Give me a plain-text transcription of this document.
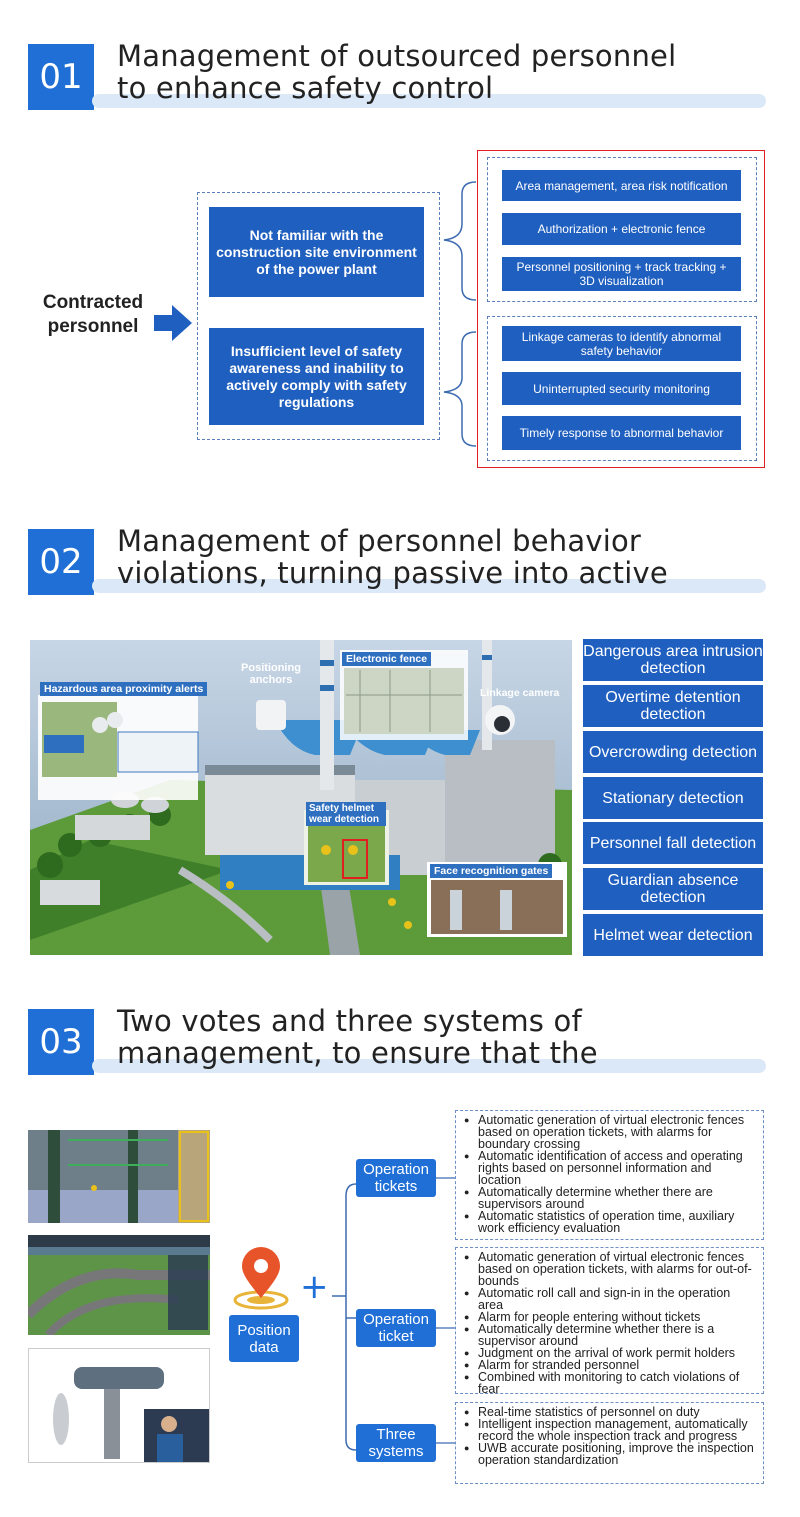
01
Management of outsourced personnel
to enhance safety control
Contracted personnel
Not familiar with the construction site environment of the power plant
Insufficient level of safety awareness and inability to actively comply with safety regulations
Area management, area risk notification
Authorization + electronic fence
Personnel positioning + track tracking + 3D visualization
Linkage cameras to identify abnormal safety behavior
Uninterrupted security monitoring
Timely response to abnormal behavior
02
Management of personnel behavior
violations, turning passive into active
Hazardous area proximity alerts
Positioning anchors
Electronic fence
Linkage camera
Safety helmet wear detection
Face recognition gates
Dangerous area intrusion detection
Overtime detention detection
Overcrowding detection
Stationary detection
Personnel fall detection
Guardian absence detection
Helmet wear detection
03
Two votes and three systems of
management, to ensure that the
Position data
+
Operation tickets
Operation ticket
Three systems
● Automatic generation of virtual electronic fences based on operation tickets, with alarms for boundary crossing
● Automatic identification of access and operating rights based on personnel information and location
● Automatically determine whether there are supervisors around
● Automatic statistics of operation time, auxiliary work efficiency evaluation
● Automatic generation of virtual electronic fences based on operation tickets, with alarms for out-of-bounds
● Automatic roll call and sign-in in the operation area
● Alarm for people entering without tickets
● Automatically determine whether there is a supervisor around
● Judgment on the arrival of work permit holders
● Alarm for stranded personnel
● Combined with monitoring to catch violations of fear
● Real-time statistics of personnel on duty
● Intelligent inspection management, automatically record the whole inspection track and progress
● UWB accurate positioning, improve the inspection operation standardization
